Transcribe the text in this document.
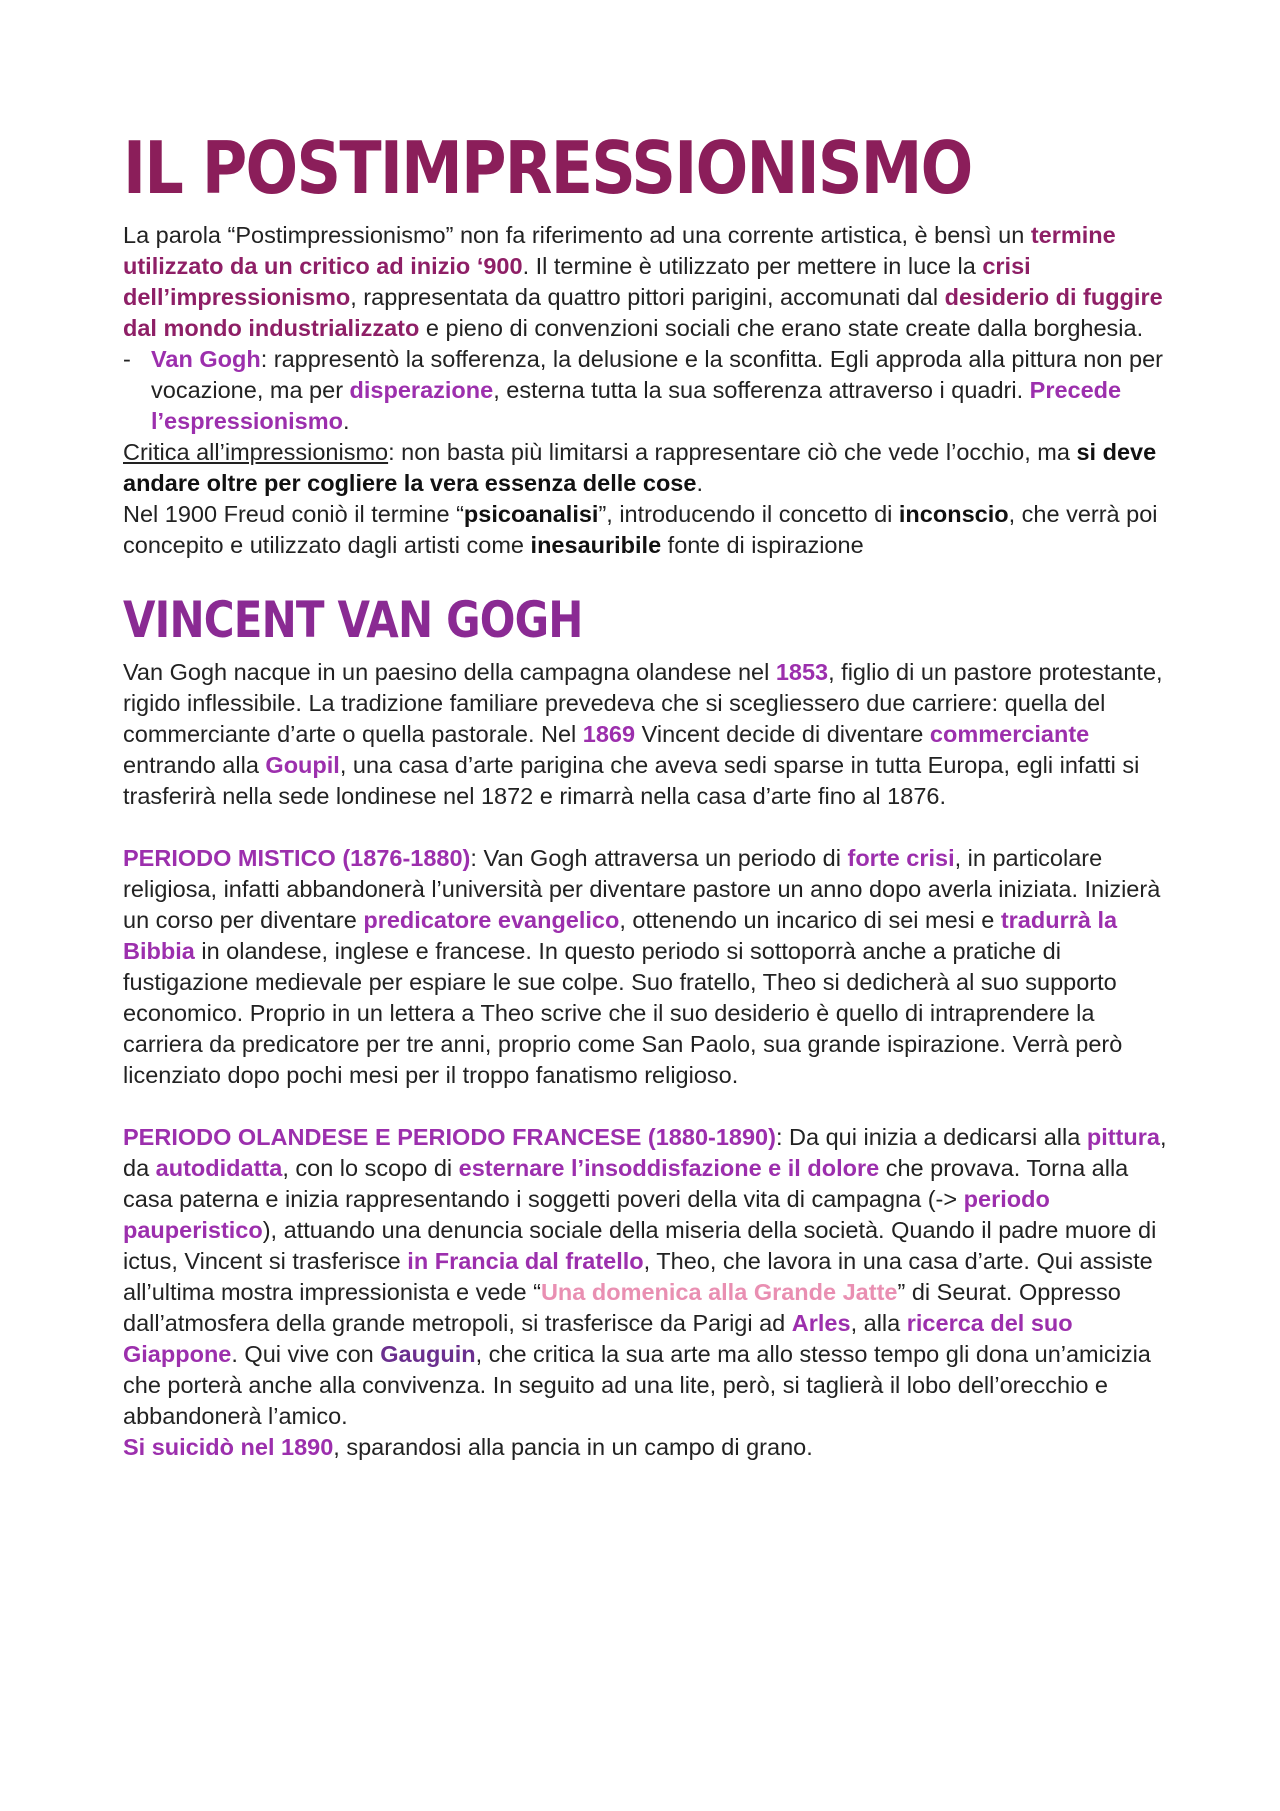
IL POSTIMPRESSIONISMO

La parola “Postimpressionismo” non fa riferimento ad una corrente artistica, è bensì un termine utilizzato da un critico ad inizio ‘900. Il termine è utilizzato per mettere in luce la crisi dell’impressionismo, rappresentata da quattro pittori parigini, accomunati dal desiderio di fuggire dal mondo industrializzato e pieno di convenzioni sociali che erano state create dalla borghesia.

- Van Gogh: rappresentò la sofferenza, la delusione e la sconfitta. Egli approda alla pittura non per vocazione, ma per disperazione, esterna tutta la sua sofferenza attraverso i quadri. Precede l’espressionismo.

Critica all’impressionismo: non basta più limitarsi a rappresentare ciò che vede l’occhio, ma si deve andare oltre per cogliere la vera essenza delle cose.

Nel 1900 Freud coniò il termine “psicoanalisi”, introducendo il concetto di inconscio, che verrà poi concepito e utilizzato dagli artisti come inesauribile fonte di ispirazione

VINCENT VAN GOGH

Van Gogh nacque in un paesino della campagna olandese nel 1853, figlio di un pastore protestante, rigido inflessibile. La tradizione familiare prevedeva che si scegliessero due carriere: quella del commerciante d’arte o quella pastorale. Nel 1869 Vincent decide di diventare commerciante entrando alla Goupil, una casa d’arte parigina che aveva sedi sparse in tutta Europa, egli infatti si trasferirà nella sede londinese nel 1872 e rimarrà nella casa d’arte fino al 1876.

PERIODO MISTICO (1876-1880): Van Gogh attraversa un periodo di forte crisi, in particolare religiosa, infatti abbandonerà l’università per diventare pastore un anno dopo averla iniziata. Inizierà un corso per diventare predicatore evangelico, ottenendo un incarico di sei mesi e tradurrà la Bibbia in olandese, inglese e francese. In questo periodo si sottoporrà anche a pratiche di fustigazione medievale per espiare le sue colpe. Suo fratello, Theo si dedicherà al suo supporto economico. Proprio in un lettera a Theo scrive che il suo desiderio è quello di intraprendere la carriera da predicatore per tre anni, proprio come San Paolo, sua grande ispirazione. Verrà però licenziato dopo pochi mesi per il troppo fanatismo religioso.

PERIODO OLANDESE E PERIODO FRANCESE (1880-1890): Da qui inizia a dedicarsi alla pittura, da autodidatta, con lo scopo di esternare l’insoddisfazione e il dolore che provava. Torna alla casa paterna e inizia rappresentando i soggetti poveri della vita di campagna (-> periodo pauperistico), attuando una denuncia sociale della miseria della società. Quando il padre muore di ictus, Vincent si trasferisce in Francia dal fratello, Theo, che lavora in una casa d’arte. Qui assiste all’ultima mostra impressionista e vede “Una domenica alla Grande Jatte” di Seurat. Oppresso dall’atmosfera della grande metropoli, si trasferisce da Parigi ad Arles, alla ricerca del suo Giappone. Qui vive con Gauguin, che critica la sua arte ma allo stesso tempo gli dona un’amicizia che porterà anche alla convivenza. In seguito ad una lite, però, si taglierà il lobo dell’orecchio e abbandonerà l’amico.

Si suicidò nel 1890, sparandosi alla pancia in un campo di grano.
